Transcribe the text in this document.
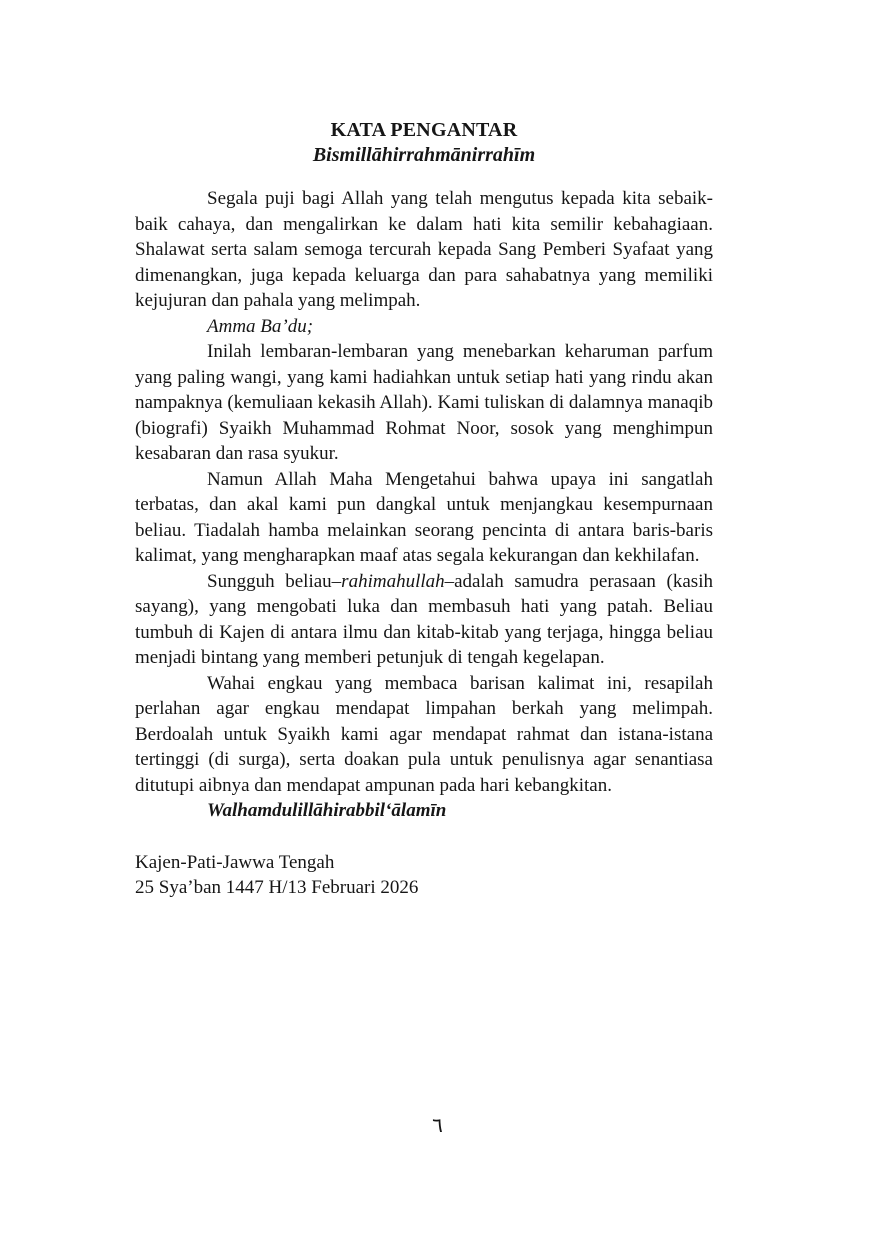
KATA PENGANTAR
Bismillāhirrahmānirrahīm

Segala puji bagi Allah yang telah mengutus kepada kita sebaik-baik cahaya, dan mengalirkan ke dalam hati kita semilir kebahagiaan. Shalawat serta salam semoga tercurah kepada Sang Pemberi Syafaat yang dimenangkan, juga kepada keluarga dan para sahabatnya yang memiliki kejujuran dan pahala yang melimpah.

Amma Ba’du;

Inilah lembaran-lembaran yang menebarkan keharuman parfum yang paling wangi, yang kami hadiahkan untuk setiap hati yang rindu akan nampaknya (kemuliaan kekasih Allah). Kami tuliskan di dalamnya manaqib (biografi) Syaikh Muhammad Rohmat Noor, sosok yang menghimpun kesabaran dan rasa syukur.

Namun Allah Maha Mengetahui bahwa upaya ini sangatlah terbatas, dan akal kami pun dangkal untuk menjangkau kesempurnaan beliau. Tiadalah hamba melainkan seorang pencinta di antara baris-baris kalimat, yang mengharapkan maaf atas segala kekurangan dan kekhilafan.

Sungguh beliau–rahimahullah–adalah samudra perasaan (kasih sayang), yang mengobati luka dan membasuh hati yang patah. Beliau tumbuh di Kajen di antara ilmu dan kitab-kitab yang terjaga, hingga beliau menjadi bintang yang memberi petunjuk di tengah kegelapan.

Wahai engkau yang membaca barisan kalimat ini, resapilah perlahan agar engkau mendapat limpahan berkah yang melimpah. Berdoalah untuk Syaikh kami agar mendapat rahmat dan istana-istana tertinggi (di surga), serta doakan pula untuk penulisnya agar senantiasa ditutupi aibnya dan mendapat ampunan pada hari kebangkitan.

Walhamdulillāhirabbil‘ālamīn
Kajen-Pati-Jawwa Tengah
25 Sya’ban 1447 H/13 Februari 2026
٦
